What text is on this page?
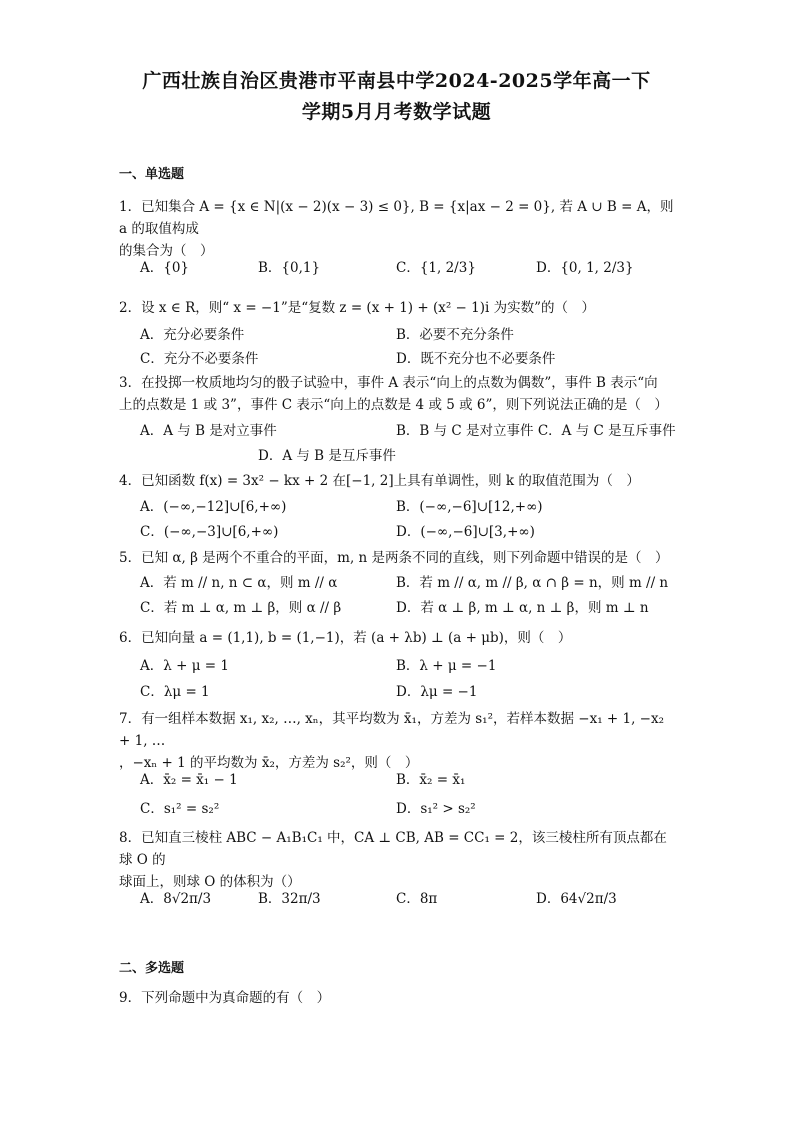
广西壮族自治区贵港市平南县中学2024-2025学年高一下
学期5月月考数学试题
一、单选题
1．已知集合 A = {x ∈ N|(x − 2)(x − 3) ≤ 0}, B = {x|ax − 2 = 0}, 若 A ∪ B = A，则 a 的取值构成
的集合为（　）
A．{0}	B．{0,1}	C．{1, 2/3}	D．{0, 1, 2/3}
2．设 x ∈ R，则“ x = −1”是“复数 z = (x + 1) + (x² − 1)i 为实数”的（　）
A．充分必要条件	B．必要不充分条件
C．充分不必要条件	D．既不充分也不必要条件
3．在投掷一枚质地均匀的骰子试验中，事件 A 表示“向上的点数为偶数”，事件 B 表示“向
上的点数是 1 或 3”，事件 C 表示“向上的点数是 4 或 5 或 6”，则下列说法正确的是（　）
A．A 与 B 是对立事件	B．B 与 C 是对立事件 C．A 与 C 是互斥事件
D．A 与 B 是互斥事件
4．已知函数 f(x) = 3x² − kx + 2 在[−1, 2]上具有单调性，则 k 的取值范围为（　）
A．(−∞,−12]∪[6,+∞)	B．(−∞,−6]∪[12,+∞)
C．(−∞,−3]∪[6,+∞)	D．(−∞,−6]∪[3,+∞)
5．已知 α, β 是两个不重合的平面，m, n 是两条不同的直线，则下列命题中错误的是（　）
A．若 m // n, n ⊂ α，则 m // α	B．若 m // α, m // β, α ∩ β = n，则 m // n
C．若 m ⊥ α, m ⊥ β，则 α // β	D．若 α ⊥ β, m ⊥ α, n ⊥ β，则 m ⊥ n
6．已知向量 a = (1,1), b = (1,−1)，若 (a + λb) ⊥ (a + μb)，则（　）
A．λ + μ = 1	B．λ + μ = −1
C．λμ = 1	D．λμ = −1
7．有一组样本数据 x₁, x₂, …, xₙ，其平均数为 x̄₁，方差为 s₁²，若样本数据 −x₁ + 1, −x₂ + 1, …
，−xₙ + 1 的平均数为 x̄₂，方差为 s₂²，则（　）
A．x̄₂ = x̄₁ − 1	B．x̄₂ = x̄₁
C．s₁² = s₂²	D．s₁² > s₂²
8．已知直三棱柱 ABC − A₁B₁C₁ 中，CA ⊥ CB, AB = CC₁ = 2，该三棱柱所有顶点都在球 O 的
球面上，则球 O 的体积为（）
A．8√2π/3	B．32π/3	C．8π	D．64√2π/3
二、多选题
9．下列命题中为真命题的有（　）
